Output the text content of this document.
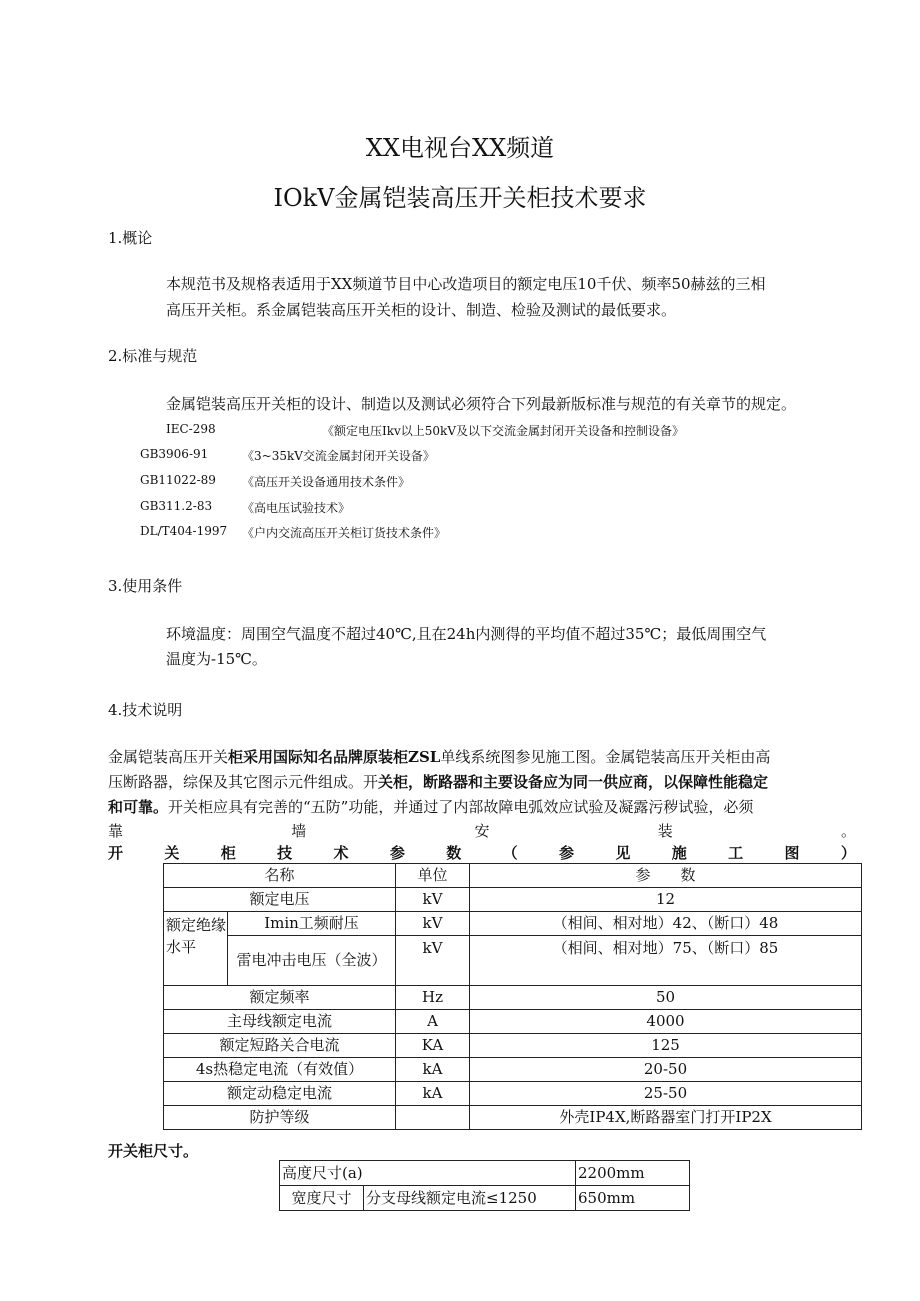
XX电视台XX频道
IOkV金属铠装高压开关柜技术要求
1.概论
本规范书及规格表适用于XX频道节目中心改造项目的额定电压10千伏、频率50赫兹的三相
高压开关柜。系金属铠装高压开关柜的设计、制造、检验及测试的最低要求。
2.标准与规范
金属铠装高压开关柜的设计、制造以及测试必须符合下列最新版标准与规范的有关章节的规定。
IEC-298	《额定电压Ikv以上50kV及以下交流金属封闭开关设备和控制设备》
GB3906-91	《3~35kV交流金属封闭开关设备》
GB11022-89 《高压开关设备通用技术条件》
GB311.2-83 《高电压试验技术》
DL/T404-1997 《户内交流高压开关柜订货技术条件》
3.使用条件
环境温度：周围空气温度不超过40℃,且在24h内测得的平均值不超过35℃；最低周围空气
温度为-15℃。
4.技术说明
金属铠装高压开关柜采用国际知名品牌原装柜ZSL单线系统图参见施工图。金属铠装高压开关柜由高
压断路器，综保及其它图示元件组成。开关柜，断路器和主要设备应为同一供应商，以保障性能稳定
和可靠。开关柜应具有完善的“五防”功能，并通过了内部故障电弧效应试验及凝露污秽试验，必须
靠	墙	安	装	。
开	关	柜	技	术	参	数	（	参	见	施	工	图	）
名称		单位	参　　数
额定电压		kV	12
额定绝缘水平	Imin工频耐压	kV	（相间、相对地）42、（断口）48
	雷电冲击电压（全波）	kV	（相间、相对地）75、（断口）85
额定频率		Hz	50
主母线额定电流		A	4000
额定短路关合电流		KA	125
4s热稳定电流（有效值）		kA	20-50
额定动稳定电流		kA	25-50
防护等级			外壳IP4X,断路器室门打开IP2X
开关柜尺寸。
高度尺寸(a)		2200mm
宽度尺寸	分支母线额定电流≤1250	650mm
